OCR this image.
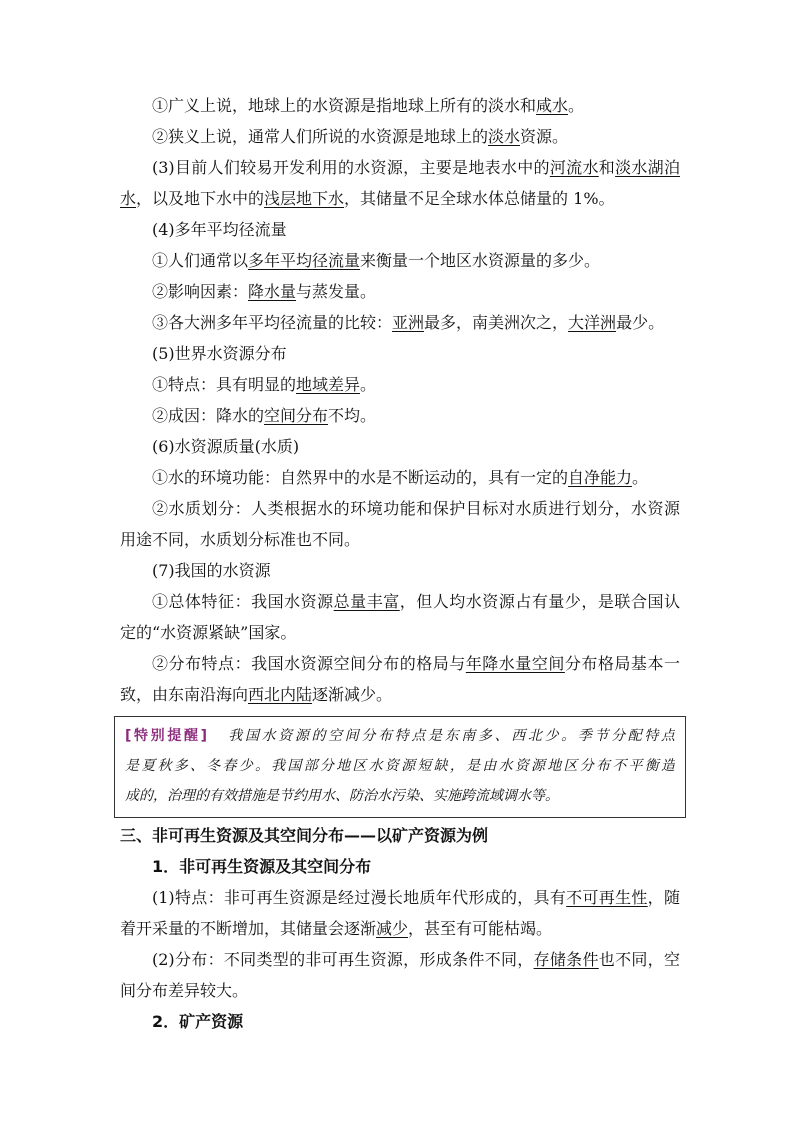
①广义上说，地球上的水资源是指地球上所有的淡水和咸水。
②狭义上说，通常人们所说的水资源是地球上的淡水资源。
(3)目前人们较易开发利用的水资源，主要是地表水中的河流水和淡水湖泊
水，以及地下水中的浅层地下水，其储量不足全球水体总储量的 1%。
(4)多年平均径流量
①人们通常以多年平均径流量来衡量一个地区水资源量的多少。
②影响因素：降水量与蒸发量。
③各大洲多年平均径流量的比较：亚洲最多，南美洲次之，大洋洲最少。
(5)世界水资源分布
①特点：具有明显的地域差异。
②成因：降水的空间分布不均。
(6)水资源质量(水质)
①水的环境功能：自然界中的水是不断运动的，具有一定的自净能力。
②水质划分：人类根据水的环境功能和保护目标对水质进行划分，水资源
用途不同，水质划分标准也不同。
(7)我国的水资源
①总体特征：我国水资源总量丰富，但人均水资源占有量少，是联合国认
定的“水资源紧缺”国家。
②分布特点：我国水资源空间分布的格局与年降水量空间分布格局基本一
致，由东南沿海向西北内陆逐渐减少。
[特别提醒] 我国水资源的空间分布特点是东南多、西北少。季节分配特点
是夏秋多、冬春少。我国部分地区水资源短缺，是由水资源地区分布不平衡造
成的，治理的有效措施是节约用水、防治水污染、实施跨流域调水等。
三、非可再生资源及其空间分布——以矿产资源为例
1．非可再生资源及其空间分布
(1)特点：非可再生资源是经过漫长地质年代形成的，具有不可再生性，随
着开采量的不断增加，其储量会逐渐减少，甚至有可能枯竭。
(2)分布：不同类型的非可再生资源，形成条件不同，存储条件也不同，空
间分布差异较大。
2．矿产资源
